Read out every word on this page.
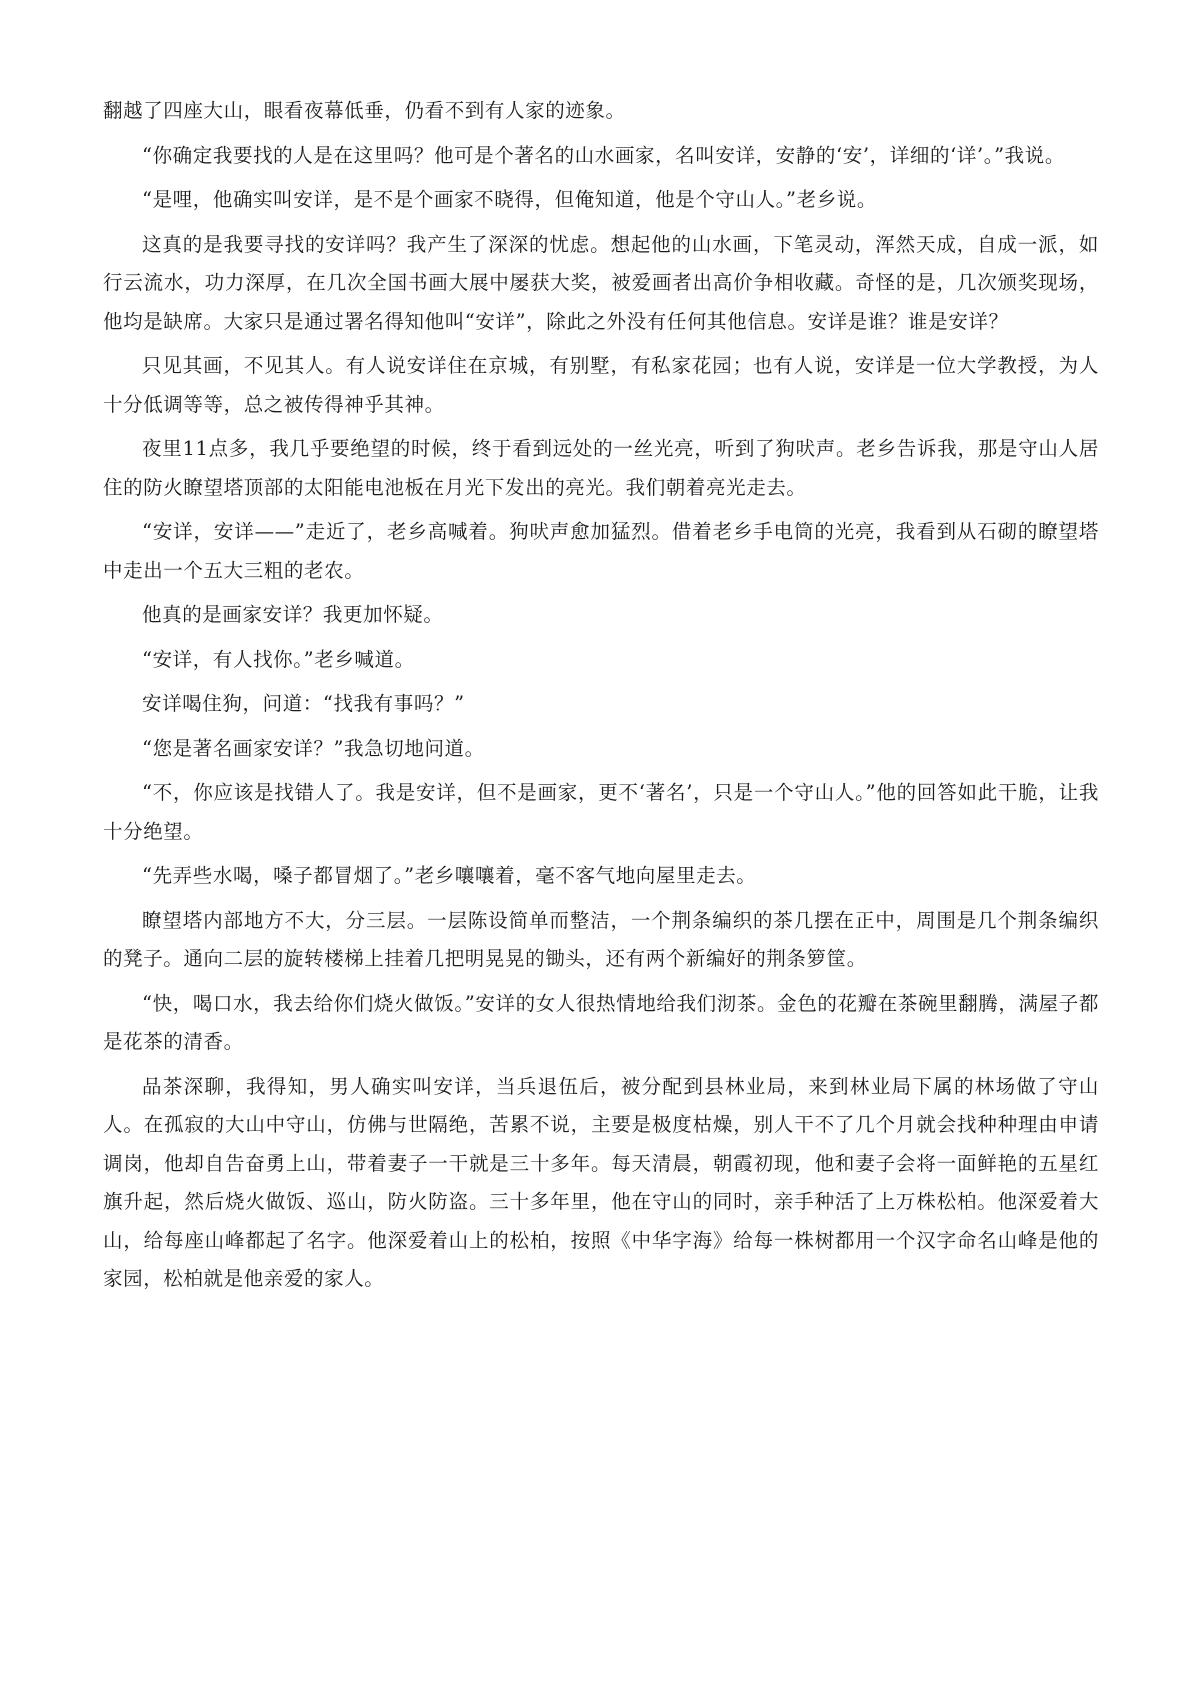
翻越了四座大山，眼看夜幕低垂，仍看不到有人家的迹象。

“你确定我要找的人是在这里吗？他可是个著名的山水画家，名叫安详，安静的‘安’，详细的‘详’。”我说。

“是哩，他确实叫安详，是不是个画家不晓得，但俺知道，他是个守山人。”老乡说。

这真的是我要寻找的安详吗？我产生了深深的忧虑。想起他的山水画，下笔灵动，浑然天成，自成一派，如行云流水，功力深厚，在几次全国书画大展中屡获大奖，被爱画者出高价争相收藏。奇怪的是，几次颁奖现场，他均是缺席。大家只是通过署名得知他叫“安详”，除此之外没有任何其他信息。安详是谁？谁是安详？

只见其画，不见其人。有人说安详住在京城，有别墅，有私家花园；也有人说，安详是一位大学教授，为人十分低调等等，总之被传得神乎其神。

夜里11点多，我几乎要绝望的时候，终于看到远处的一丝光亮，听到了狗吠声。老乡告诉我，那是守山人居住的防火瞭望塔顶部的太阳能电池板在月光下发出的亮光。我们朝着亮光走去。

“安详，安详——”走近了，老乡高喊着。狗吠声愈加猛烈。借着老乡手电筒的光亮，我看到从石砌的瞭望塔中走出一个五大三粗的老农。

他真的是画家安详？我更加怀疑。

“安详，有人找你。”老乡喊道。

安详喝住狗，问道：“找我有事吗？”

“您是著名画家安详？”我急切地问道。

“不，你应该是找错人了。我是安详，但不是画家，更不‘著名’，只是一个守山人。”他的回答如此干脆，让我十分绝望。

“先弄些水喝，嗓子都冒烟了。”老乡嚷嚷着，毫不客气地向屋里走去。

瞭望塔内部地方不大，分三层。一层陈设简单而整洁，一个荆条编织的茶几摆在正中，周围是几个荆条编织的凳子。通向二层的旋转楼梯上挂着几把明晃晃的锄头，还有两个新编好的荆条箩筐。

“快，喝口水，我去给你们烧火做饭。”安详的女人很热情地给我们沏茶。金色的花瓣在茶碗里翻腾，满屋子都是花茶的清香。

品茶深聊，我得知，男人确实叫安详，当兵退伍后，被分配到县林业局，来到林业局下属的林场做了守山人。在孤寂的大山中守山，仿佛与世隔绝，苦累不说，主要是极度枯燥，别人干不了几个月就会找种种理由申请调岗，他却自告奋勇上山，带着妻子一干就是三十多年。每天清晨，朝霞初现，他和妻子会将一面鲜艳的五星红旗升起，然后烧火做饭、巡山，防火防盗。三十多年里，他在守山的同时，亲手种活了上万株松柏。他深爱着大山，给每座山峰都起了名字。他深爱着山上的松柏，按照《中华字海》给每一株树都用一个汉字命名山峰是他的家园，松柏就是他亲爱的家人。
